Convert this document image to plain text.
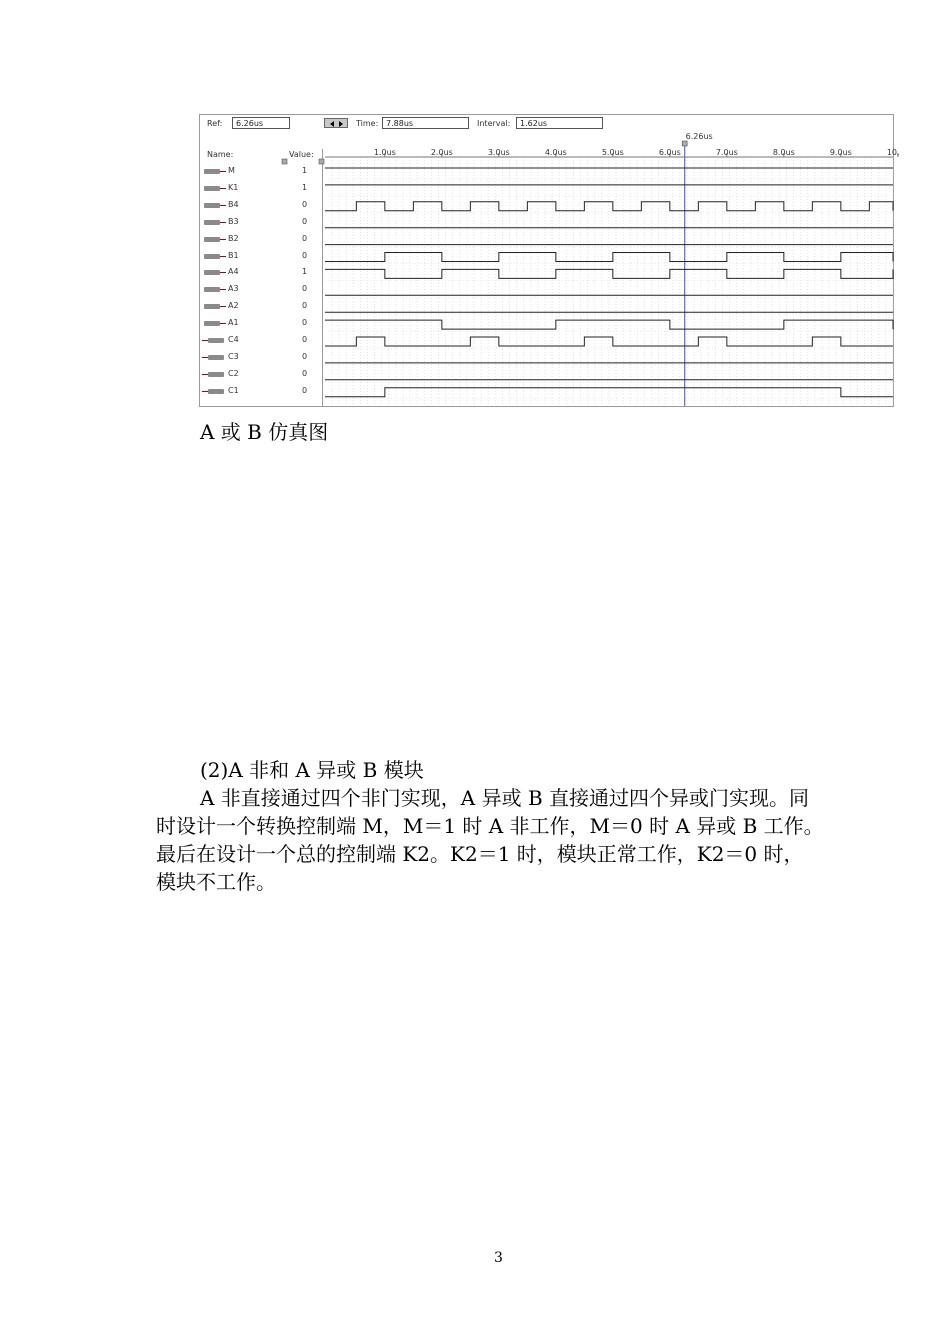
Ref:	6.26us	Time: 7.88us	Interval:	1.62us
Name:	Value:
M	1
K1	1
B4	0
B3	0
B2	0
B1	0
A4	1
A3	0
A2	0
A1	0
C4	0
C3	0
C2	0
C1	0
1.0us	2.0us	3.0us	4.0us	5.0us	6.0us	7.0us	8.0us	9.0us	10.
6.26us
A 或 B 仿真图
(2)A 非和 A 异或 B 模块
A 非直接通过四个非门实现，A 异或 B 直接通过四个异或门实现。同
时设计一个转换控制端 M，M＝1 时 A 非工作，M＝0 时 A 异或 B 工作。
最后在设计一个总的控制端 K2。K2＝1 时，模块正常工作，K2＝0 时，
模块不工作。
3
